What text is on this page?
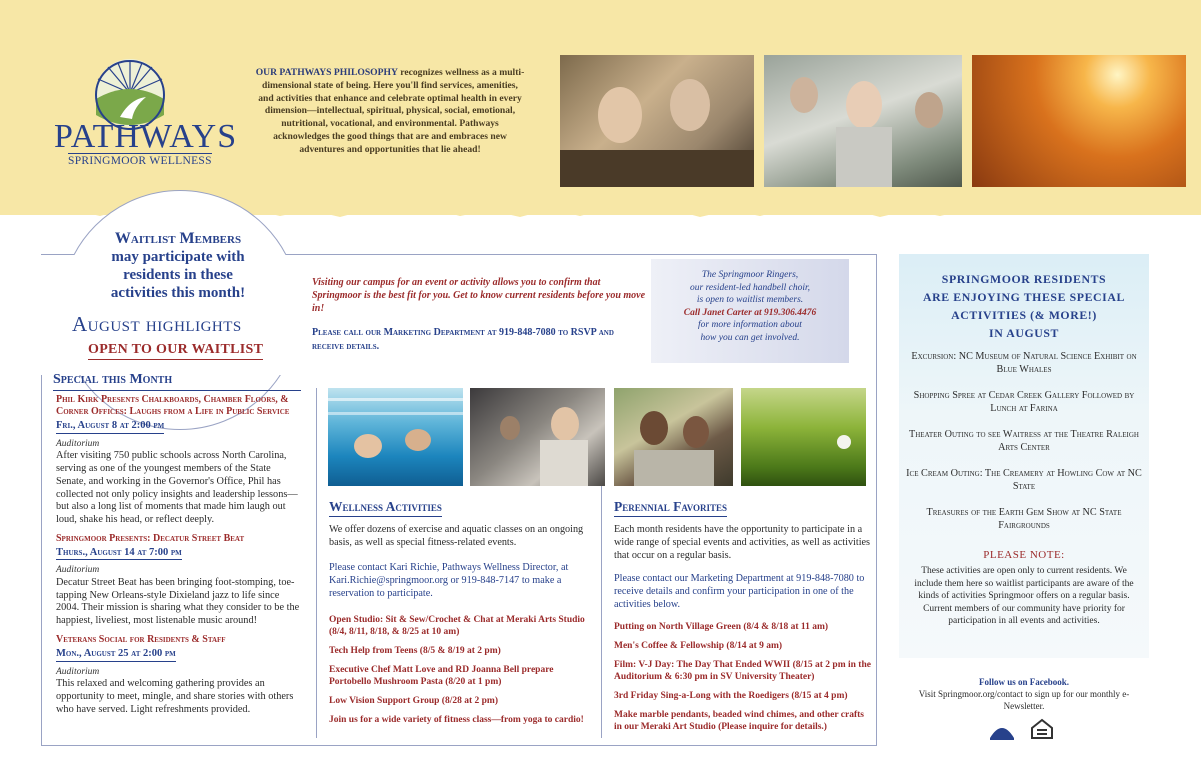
PATHWAYS
SPRINGMOOR WELLNESS
OUR PATHWAYS PHILOSOPHY recognizes wellness as a multi-dimensional state of being. Here you'll find services, amenities, and activities that enhance and celebrate optimal health in every dimension—intellectual, spiritual, physical, social, emotional, nutritional, vocational, and environmental. Pathways acknowledges the good things that are and embraces new adventures and opportunities that lie ahead!
Waitlist Members
may participate with
residents in these
activities this month!
August highlights
OPEN TO OUR WAITLIST
Visiting our campus for an event or activity allows you to confirm that Springmoor is the best fit for you. Get to know current residents before you move in!
Please call our Marketing Department at 919-848-7080 to RSVP and receive details.
The Springmoor Ringers,
our resident-led handbell choir,
is open to waitlist members.
Call Janet Carter at 919.306.4476
for more information about
how you can get involved.
Special this Month
Phil Kirk Presents Chalkboards, Chamber Floors, & Corner Offices: Laughs from a Life in Public Service
Fri., August 8 at 2:00 pm
Auditorium
After visiting 750 public schools across North Carolina, serving as one of the youngest members of the State Senate, and working in the Governor's Office, Phil has collected not only policy insights and leadership lessons—but also a long list of moments that made him laugh out loud, shake his head, or reflect deeply.
Springmoor Presents: Decatur Street Beat
Thurs., August 14 at 7:00 pm
Auditorium
Decatur Street Beat has been bringing foot-stomping, toe-tapping New Orleans-style Dixieland jazz to life since 2004. Their mission is sharing what they consider to be the happiest, liveliest, most listenable music around!
Veterans Social for Residents & Staff
Mon., August 25 at 2:00 pm
Auditorium
This relaxed and welcoming gathering provides an opportunity to meet, mingle, and share stories with others who have served. Light refreshments provided.
Wellness Activities
We offer dozens of exercise and aquatic classes on an ongoing basis, as well as special fitness-related events.
Please contact Kari Richie, Pathways Wellness Director, at Kari.Richie@springmoor.org or 919-848-7147 to make a reservation to participate.
Open Studio: Sit & Sew/Crochet & Chat at Meraki Arts Studio (8/4, 8/11, 8/18, & 8/25 at 10 am)
Tech Help from Teens (8/5 & 8/19 at 2 pm)
Executive Chef Matt Love and RD Joanna Bell prepare Portobello Mushroom Pasta (8/20 at 1 pm)
Low Vision Support Group (8/28 at 2 pm)
Join us for a wide variety of fitness class—from yoga to cardio!
Perennial Favorites
Each month residents have the opportunity to participate in a wide range of special events and activities, as well as activities that occur on a regular basis.
Please contact our Marketing Department at 919-848-7080 to receive details and confirm your participation in one of the activities below.
Putting on North Village Green (8/4 & 8/18 at 11 am)
Men's Coffee & Fellowship (8/14 at 9 am)
Film: V-J Day: The Day That Ended WWII (8/15 at 2 pm in the Auditorium & 6:30 pm in SV University Theater)
3rd Friday Sing-a-Long with the Roedigers (8/15 at 4 pm)
Make marble pendants, beaded wind chimes, and other crafts in our Meraki Art Studio (Please inquire for details.)
SPRINGMOOR RESIDENTS
ARE ENJOYING THESE SPECIAL
ACTIVITIES (& MORE!)
IN AUGUST
Excursion: NC Museum of Natural Science Exhibit on Blue Whales
Shopping Spree at Cedar Creek Gallery Followed by Lunch at Farina
Theater Outing to see Waitress at the Theatre Raleigh Arts Center
Ice Cream Outing: The Creamery at Howling Cow at NC State
Treasures of the Earth Gem Show at NC State Fairgrounds
PLEASE NOTE:
These activities are open only to current residents. We include them here so waitlist participants are aware of the kinds of activities Springmoor offers on a regular basis. Current members of our community have priority for participation in all events and activities.
Follow us on Facebook.
Visit Springmoor.org/contact to sign up for our monthly e-Newsletter.
